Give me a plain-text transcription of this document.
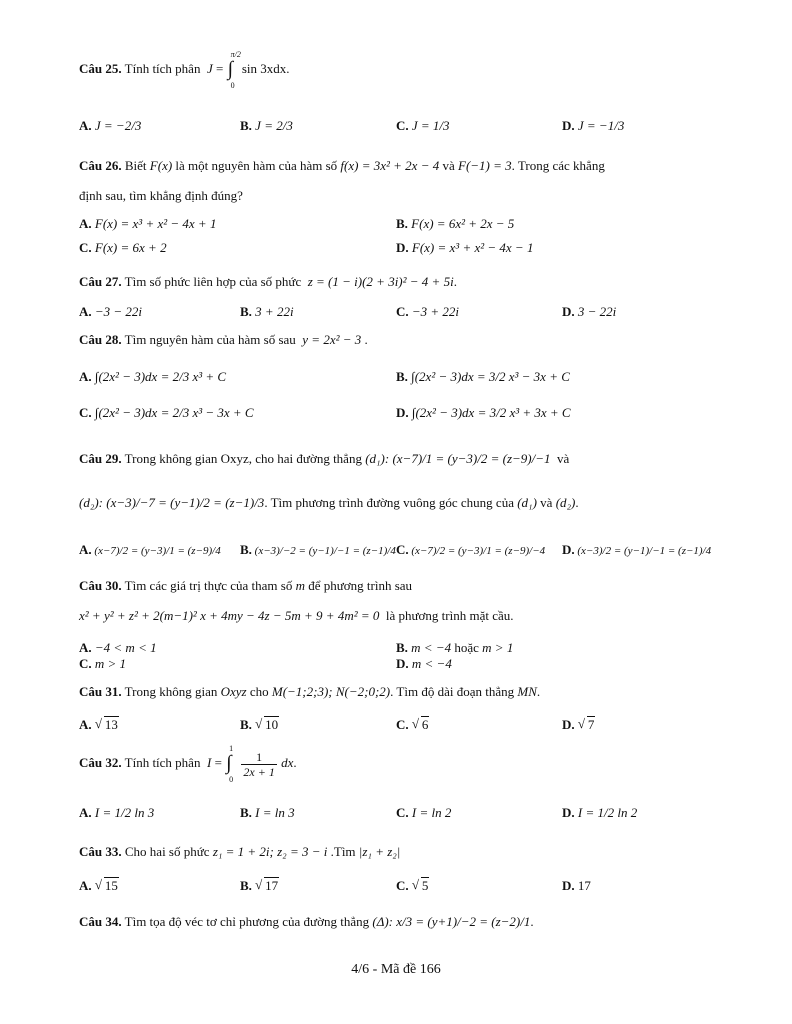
Câu 25. Tính tích phân J =
π/2
∫
0
sin 3xdx.
A. J = −2/3	B. J = 2/3	C. J = 1/3	D. J = −1/3
Câu 26. Biết F(x) là một nguyên hàm của hàm số f(x) = 3x² + 2x − 4 và F(−1) = 3. Trong các khẳng
định sau, tìm khẳng định đúng?
A. F(x) = x³ + x² − 4x + 1	B. F(x) = 6x² + 2x − 5
C. F(x) = 6x + 2	D. F(x) = x³ + x² − 4x − 1
Câu 27. Tìm số phức liên hợp của số phức z = (1 − i)(2 + 3i)² − 4 + 5i.
A. −3 − 22i	B. 3 + 22i	C. −3 + 22i	D. 3 − 22i
Câu 28. Tìm nguyên hàm của hàm số sau y = 2x² − 3 .
A. ∫(2x² − 3)dx = 2/3 x³ + C	B. ∫(2x² − 3)dx = 3/2 x³ − 3x + C
C. ∫(2x² − 3)dx = 2/3 x³ − 3x + C	D. ∫(2x² − 3)dx = 3/2 x³ + 3x + C
Câu 29. Trong không gian Oxyz, cho hai đường thẳng (d₁): (x−7)/1 = (y−3)/2 = (z−9)/−1 và
(d₂): (x−3)/−7 = (y−1)/2 = (z−1)/3. Tìm phương trình đường vuông góc chung của (d₁) và (d₂).
A. (x−7)/2 = (y−3)/1 = (z−9)/4 B. (x−3)/−2 = (y−1)/−1 = (z−1)/4 C. (x−7)/2 = (y−3)/1 = (z−9)/−4 D. (x−3)/2 = (y−1)/−1 = (z−1)/4
Câu 30. Tìm các giá trị thực của tham số m để phương trình sau
x² + y² + z² + 2(m−1)² x + 4my − 4z − 5m + 9 + 4m² = 0 là phương trình mặt cầu.
A. −4 < m < 1	B. m < −4 hoặc m > 1
C. m > 1	D. m < −4
Câu 31. Trong không gian Oxyz cho M(−1;2;3); N(−2;0;2). Tìm độ dài đoạn thẳng MN.
A. √ 13	B. √ 10	C. √ 6	D. √ 7
Câu 32. Tính tích phân I =
1
∫
0

$\frac{1}{2x + 1}$ dx.
A. I = 1/2 ln 3	B. I = ln 3	C. I = ln 2	D. I = 1/2 ln 2
Câu 33. Cho hai số phức z₁ = 1 + 2i; z₂ = 3 − i .Tìm |z₁ + z₂|
A. √ 15	B. √ 17	C. √ 5	D. 17
Câu 34. Tìm tọa độ véc tơ chỉ phương của đường thẳng (Δ): x/3 = (y+1)/−2 = (z−2)/1.
4/6 - Mã đề 166
